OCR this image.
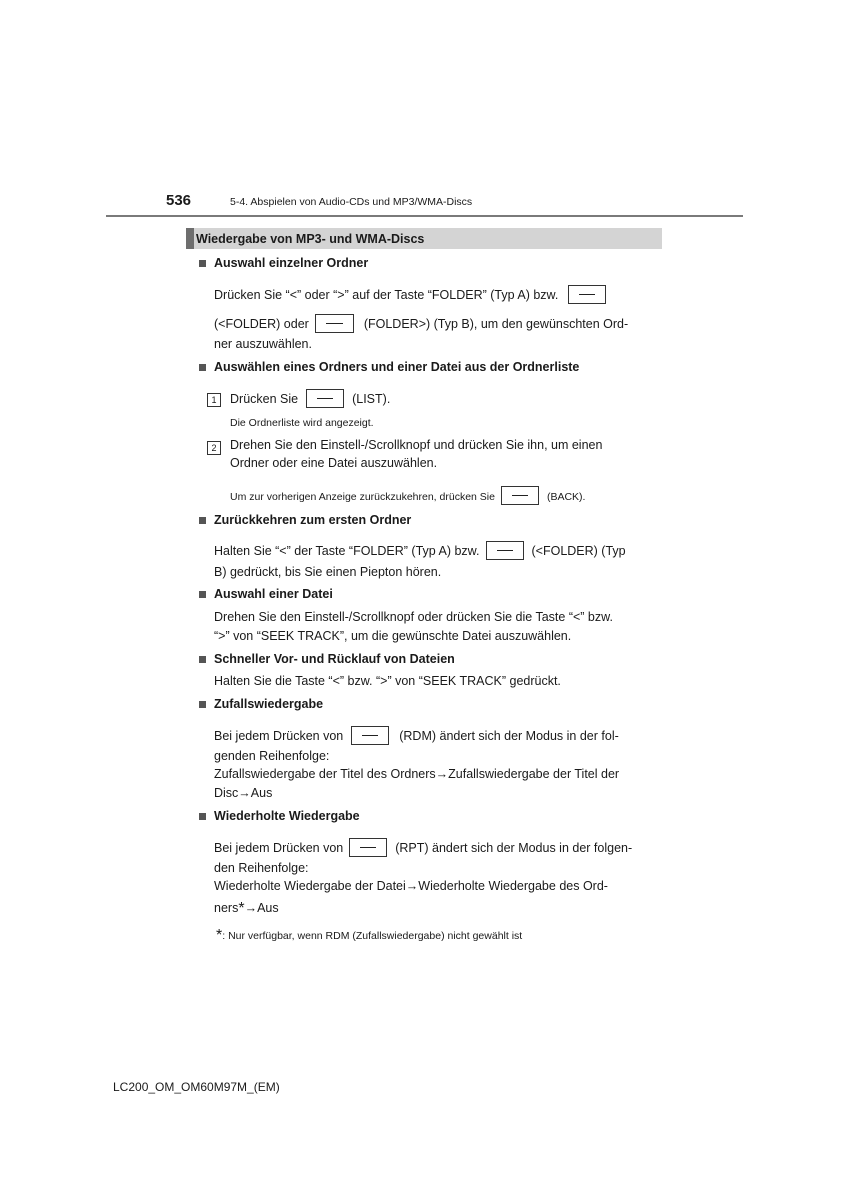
536	5-4. Abspielen von Audio-CDs und MP3/WMA-Discs
Wiedergabe von MP3- und WMA-Discs
Auswahl einzelner Ordner
Drücken Sie “<” oder “>” auf der Taste “FOLDER” (Typ A) bzw.
(<FOLDER) oder	(FOLDER>) (Typ B), um den gewünschten Ord-
ner auszuwählen.
Auswählen eines Ordners und einer Datei aus der Ordnerliste
1	Drücken Sie	(LIST).
Die Ordnerliste wird angezeigt.
2	Drehen Sie den Einstell-/Scrollknopf und drücken Sie ihn, um einen
Ordner oder eine Datei auszuwählen.
Um zur vorherigen Anzeige zurückzukehren, drücken Sie	(BACK).
Zurückkehren zum ersten Ordner
Halten Sie “<” der Taste “FOLDER” (Typ A) bzw.	(<FOLDER) (Typ
B) gedrückt, bis Sie einen Piepton hören.
Auswahl einer Datei
Drehen Sie den Einstell-/Scrollknopf oder drücken Sie die Taste “<” bzw.
“>” von “SEEK TRACK”, um die gewünschte Datei auszuwählen.
Schneller Vor- und Rücklauf von Dateien
Halten Sie die Taste “<” bzw. “>” von “SEEK TRACK” gedrückt.
Zufallswiedergabe
Bei jedem Drücken von	(RDM) ändert sich der Modus in der fol-
genden Reihenfolge:
Zufallswiedergabe der Titel des Ordners→Zufallswiedergabe der Titel der
Disc→Aus
Wiederholte Wiedergabe
Bei jedem Drücken von	(RPT) ändert sich der Modus in der folgen-
den Reihenfolge:
Wiederholte Wiedergabe der Datei→Wiederholte Wiedergabe des Ord-
ners*→Aus
*: Nur verfügbar, wenn RDM (Zufallswiedergabe) nicht gewählt ist
LC200_OM_OM60M97M_(EM)
